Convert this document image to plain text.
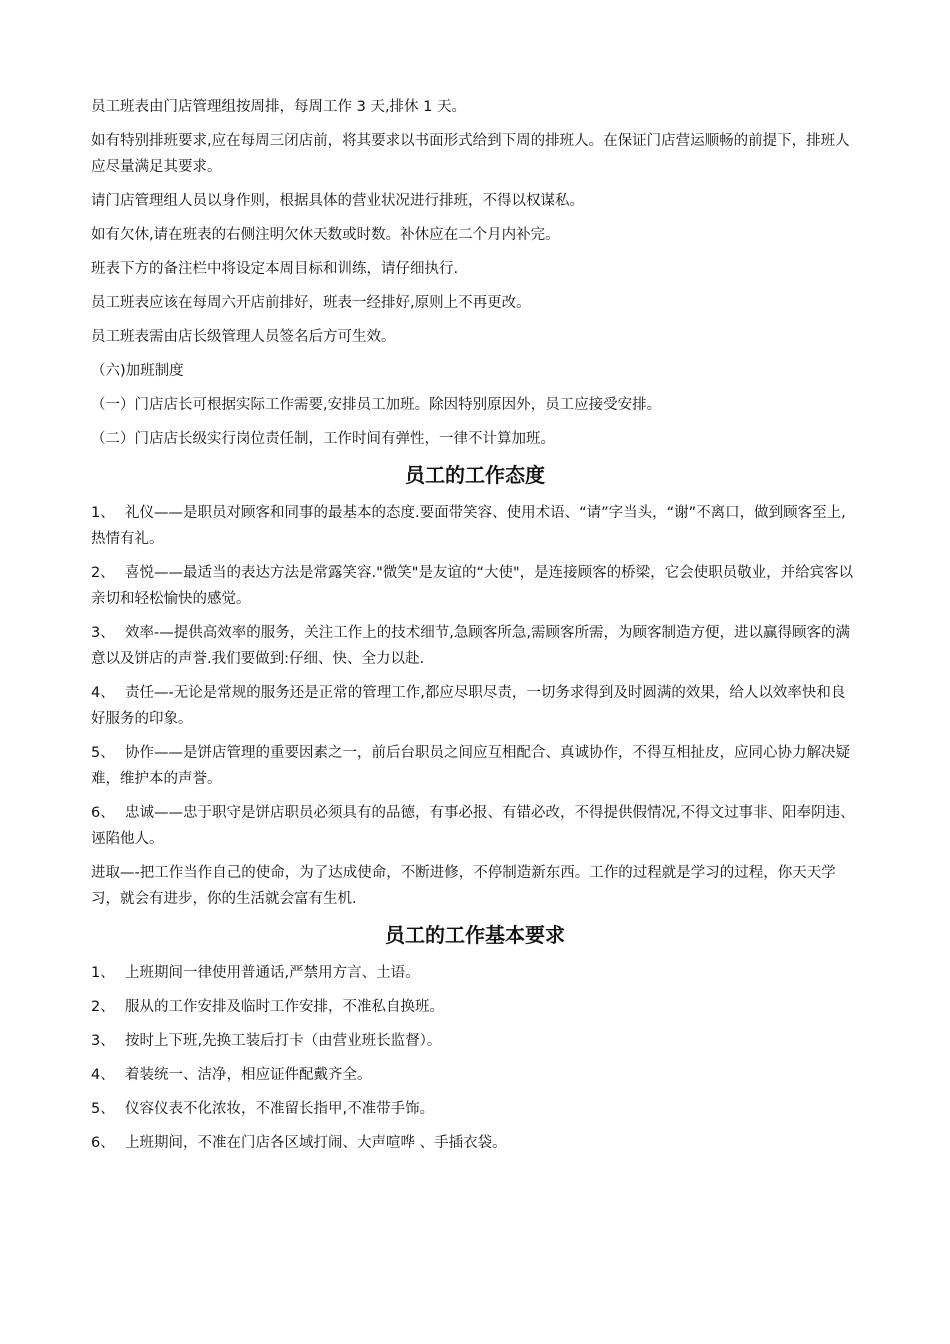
员工班表由门店管理组按周排，每周工作 3 天,排休 1 天。

如有特别排班要求,应在每周三闭店前，将其要求以书面形式给到下周的排班人。在保证门店营运顺畅的前提下，排班人应尽量满足其要求。

请门店管理组人员以身作则，根据具体的营业状况进行排班，不得以权谋私。

如有欠休,请在班表的右侧注明欠休天数或时数。补休应在二个月内补完。

班表下方的备注栏中将设定本周目标和训练，请仔细执行.

员工班表应该在每周六开店前排好，班表一经排好,原则上不再更改。

员工班表需由店长级管理人员签名后方可生效。

（六)加班制度

（一）门店店长可根据实际工作需要,安排员工加班。除因特别原因外，员工应接受安排。

（二）门店店长级实行岗位责任制，工作时间有弹性，一律不计算加班。

员工的工作态度

1、 礼仪——是职员对顾客和同事的最基本的态度.要面带笑容、使用术语、“请”字当头，“谢”不离口，做到顾客至上,热情有礼。

2、 喜悦——最适当的表达方法是常露笑容."微笑"是友谊的“大使"，是连接顾客的桥梁，它会使职员敬业，并给宾客以亲切和轻松愉快的感觉。

3、 效率-—提供高效率的服务，关注工作上的技术细节,急顾客所急,需顾客所需，为顾客制造方便，进以赢得顾客的满意以及饼店的声誉.我们要做到:仔细、快、全力以赴.

4、 责任—-无论是常规的服务还是正常的管理工作,都应尽职尽责，一切务求得到及时圆满的效果，给人以效率快和良好服务的印象。

5、 协作——是饼店管理的重要因素之一，前后台职员之间应互相配合、真诚协作，不得互相扯皮，应同心协力解决疑难，维护本的声誉。

6、 忠诚——忠于职守是饼店职员必须具有的品德，有事必报、有错必改，不得提供假情况,不得文过事非、阳奉阴违、诬陷他人。

进取—-把工作当作自己的使命，为了达成使命，不断进修，不停制造新东西。工作的过程就是学习的过程，你天天学习，就会有进步，你的生活就会富有生机.

员工的工作基本要求

1、 上班期间一律使用普通话,严禁用方言、土语。

2、 服从的工作安排及临时工作安排，不准私自换班。

3、 按时上下班,先换工装后打卡（由营业班长监督）。

4、 着装统一、洁净，相应证件配戴齐全。

5、 仪容仪表不化浓妆，不准留长指甲,不准带手饰。

6、 上班期间，不准在门店各区域打闹、大声喧哗 、手插衣袋。
